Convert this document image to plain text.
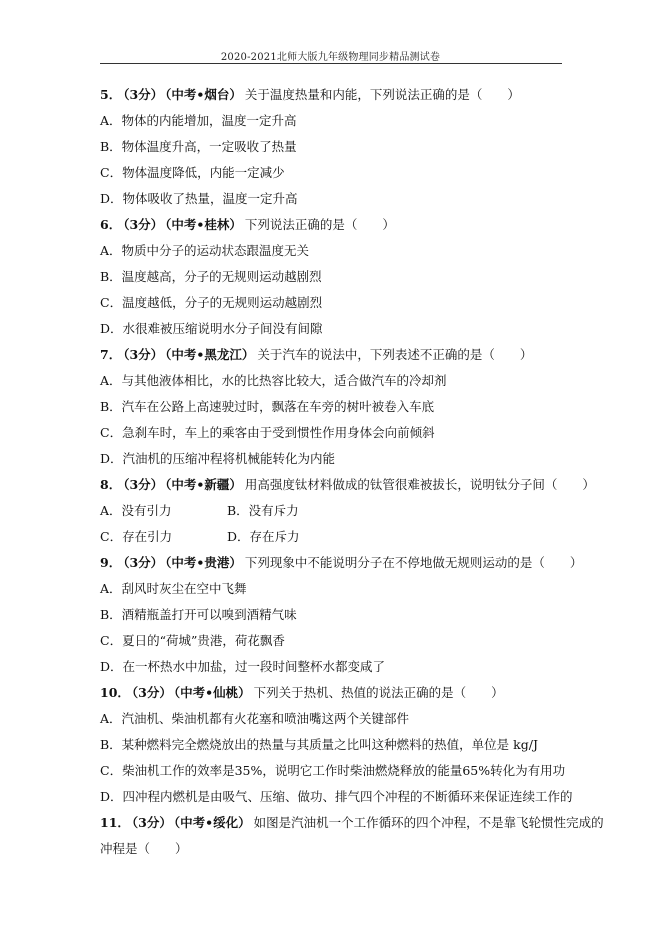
2020-2021北师大版九年级物理同步精品测试卷
5． （3分） （中考•烟台） 关于温度热量和内能，下列说法正确的是（　　）
A．物体的内能增加，温度一定升高
B．物体温度升高，一定吸收了热量
C．物体温度降低，内能一定减少
D．物体吸收了热量，温度一定升高
6． （3分） （中考•桂林） 下列说法正确的是（　　）
A．物质中分子的运动状态跟温度无关
B．温度越高，分子的无规则运动越剧烈
C．温度越低，分子的无规则运动越剧烈
D．水很难被压缩说明水分子间没有间隙
7． （3分） （中考•黑龙江） 关于汽车的说法中，下列表述不正确的是（　　）
A．与其他液体相比，水的比热容比较大，适合做汽车的冷却剂
B．汽车在公路上高速驶过时，飘落在车旁的树叶被卷入车底
C．急刹车时，车上的乘客由于受到惯性作用身体会向前倾斜
D．汽油机的压缩冲程将机械能转化为内能
8． （3分） （中考•新疆） 用高强度钛材料做成的钛管很难被拔长，说明钛分子间（　　）
A．没有引力	B．没有斥力
C．存在引力	D．存在斥力
9． （3分） （中考•贵港） 下列现象中不能说明分子在不停地做无规则运动的是（　　）
A．刮风时灰尘在空中飞舞
B．酒精瓶盖打开可以嗅到酒精气味
C．夏日的“荷城”贵港，荷花飘香
D．在一杯热水中加盐，过一段时间整杯水都变咸了
10． （3分） （中考•仙桃） 下列关于热机、热值的说法正确的是（　　）
A．汽油机、柴油机都有火花塞和喷油嘴这两个关键部件
B．某种燃料完全燃烧放出的热量与其质量之比叫这种燃料的热值，单位是 kg/J
C．柴油机工作的效率是35%，说明它工作时柴油燃烧释放的能量65%转化为有用功
D．四冲程内燃机是由吸气、压缩、做功、排气四个冲程的不断循环来保证连续工作的
11． （3分） （中考•绥化） 如图是汽油机一个工作循环的四个冲程，不是靠飞轮惯性完成的
冲程是（　　）
